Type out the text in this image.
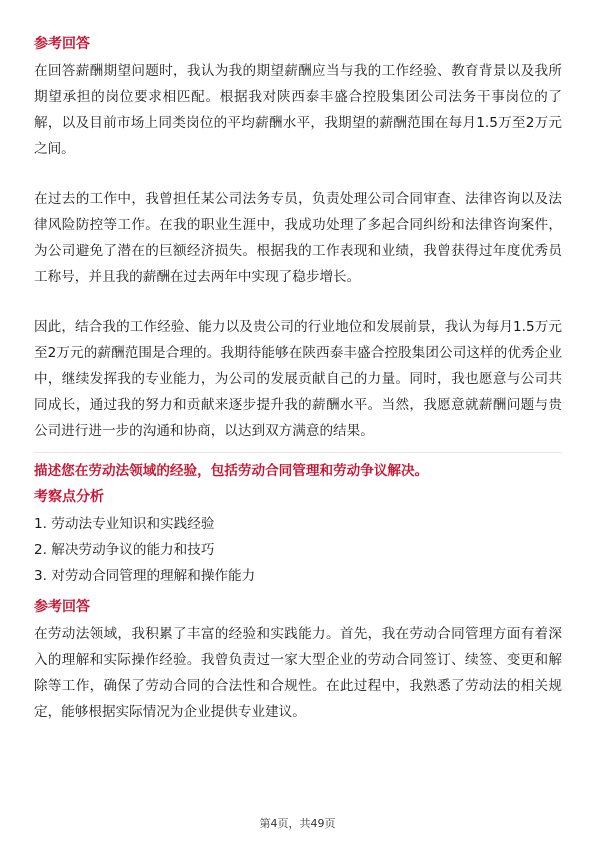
参考回答

在回答薪酬期望问题时，我认为我的期望薪酬应当与我的工作经验、教育背景以及我所期望承担的岗位要求相匹配。根据我对陕西泰丰盛合控股集团公司法务干事岗位的了解，以及目前市场上同类岗位的平均薪酬水平，我期望的薪酬范围在每月1.5万至2万元之间。

在过去的工作中，我曾担任某公司法务专员，负责处理公司合同审查、法律咨询以及法律风险防控等工作。在我的职业生涯中，我成功处理了多起合同纠纷和法律咨询案件，为公司避免了潜在的巨额经济损失。根据我的工作表现和业绩，我曾获得过年度优秀员工称号，并且我的薪酬在过去两年中实现了稳步增长。

因此，结合我的工作经验、能力以及贵公司的行业地位和发展前景，我认为每月1.5万元至2万元的薪酬范围是合理的。我期待能够在陕西泰丰盛合控股集团公司这样的优秀企业中，继续发挥我的专业能力，为公司的发展贡献自己的力量。同时，我也愿意与公司共同成长，通过我的努力和贡献来逐步提升我的薪酬水平。当然，我愿意就薪酬问题与贵公司进行进一步的沟通和协商，以达到双方满意的结果。

描述您在劳动法领域的经验，包括劳动合同管理和劳动争议解决。

考察点分析

1. 劳动法专业知识和实践经验

2. 解决劳动争议的能力和技巧

3. 对劳动合同管理的理解和操作能力

参考回答

在劳动法领域，我积累了丰富的经验和实践能力。首先，我在劳动合同管理方面有着深入的理解和实际操作经验。我曾负责过一家大型企业的劳动合同签订、续签、变更和解除等工作，确保了劳动合同的合法性和合规性。在此过程中，我熟悉了劳动法的相关规定，能够根据实际情况为企业提供专业建议。

第4页，共49页
